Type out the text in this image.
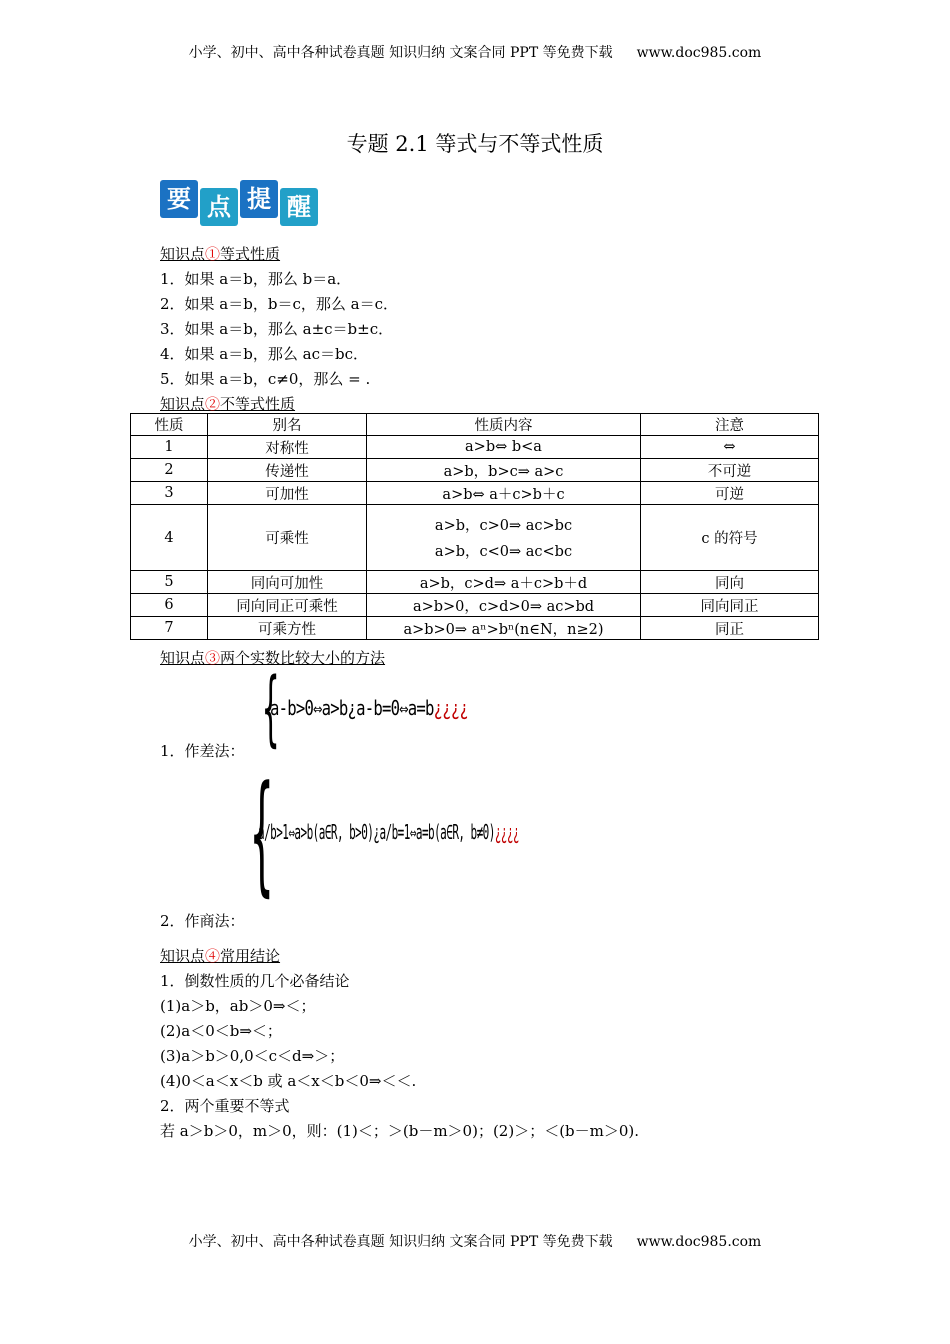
小学、初中、高中各种试卷真题 知识归纳 文案合同 PPT 等免费下载 www.doc985.com
专题 2.1 等式与不等式性质
要 点 提 醒
知识点①等式性质
1．如果 a＝b，那么 b＝a．
2．如果 a＝b，b＝c，那么 a＝c．
3．如果 a＝b，那么 a±c＝b±c．
4．如果 a＝b，那么 ac＝bc．
5．如果 a＝b，c≠0，那么 = .
知识点②不等式性质
性质	别名	性质内容	注意
1	对称性	a>b⇔ b<a	⇔
2	传递性	a>b，b>c⇒ a>c	不可逆
3	可加性	a>b⇔ a＋c>b＋c	可逆
4	可乘性	a>b，c>0⇒ ac>bc
a>b，c<0⇒ ac<bc	c 的符号
5	同向可加性	a>b，c>d⇒ a＋c>b＋d	同向
6	同向同正可乘性	a>b>0，c>d>0⇒ ac>bd	同向同正
7	可乘方性	a>b>0⇒ aⁿ>bⁿ(n∈N，n≥2)	同正
知识点③两个实数比较大小的方法
1．作差法： {
a-b>0⇔a>b¿a-b=0⇔a=b¿¿¿¿
2．作商法：
{
a/b>1⇔a>b(a∈R, b>0)¿a/b=1⇔a=b(a∈R, b≠0)¿¿¿¿
知识点④常用结论
1．倒数性质的几个必备结论
(1)a＞b，ab＞0⇒＜；
(2)a＜0＜b⇒＜；
(3)a＞b＞0,0＜c＜d⇒＞；
(4)0＜a＜x＜b 或 a＜x＜b＜0⇒＜＜.
2．两个重要不等式
若 a＞b＞0，m＞0，则：(1)＜；＞(b－m＞0)；(2)＞；＜(b－m＞0).
小学、初中、高中各种试卷真题 知识归纳 文案合同 PPT 等免费下载 www.doc985.com
